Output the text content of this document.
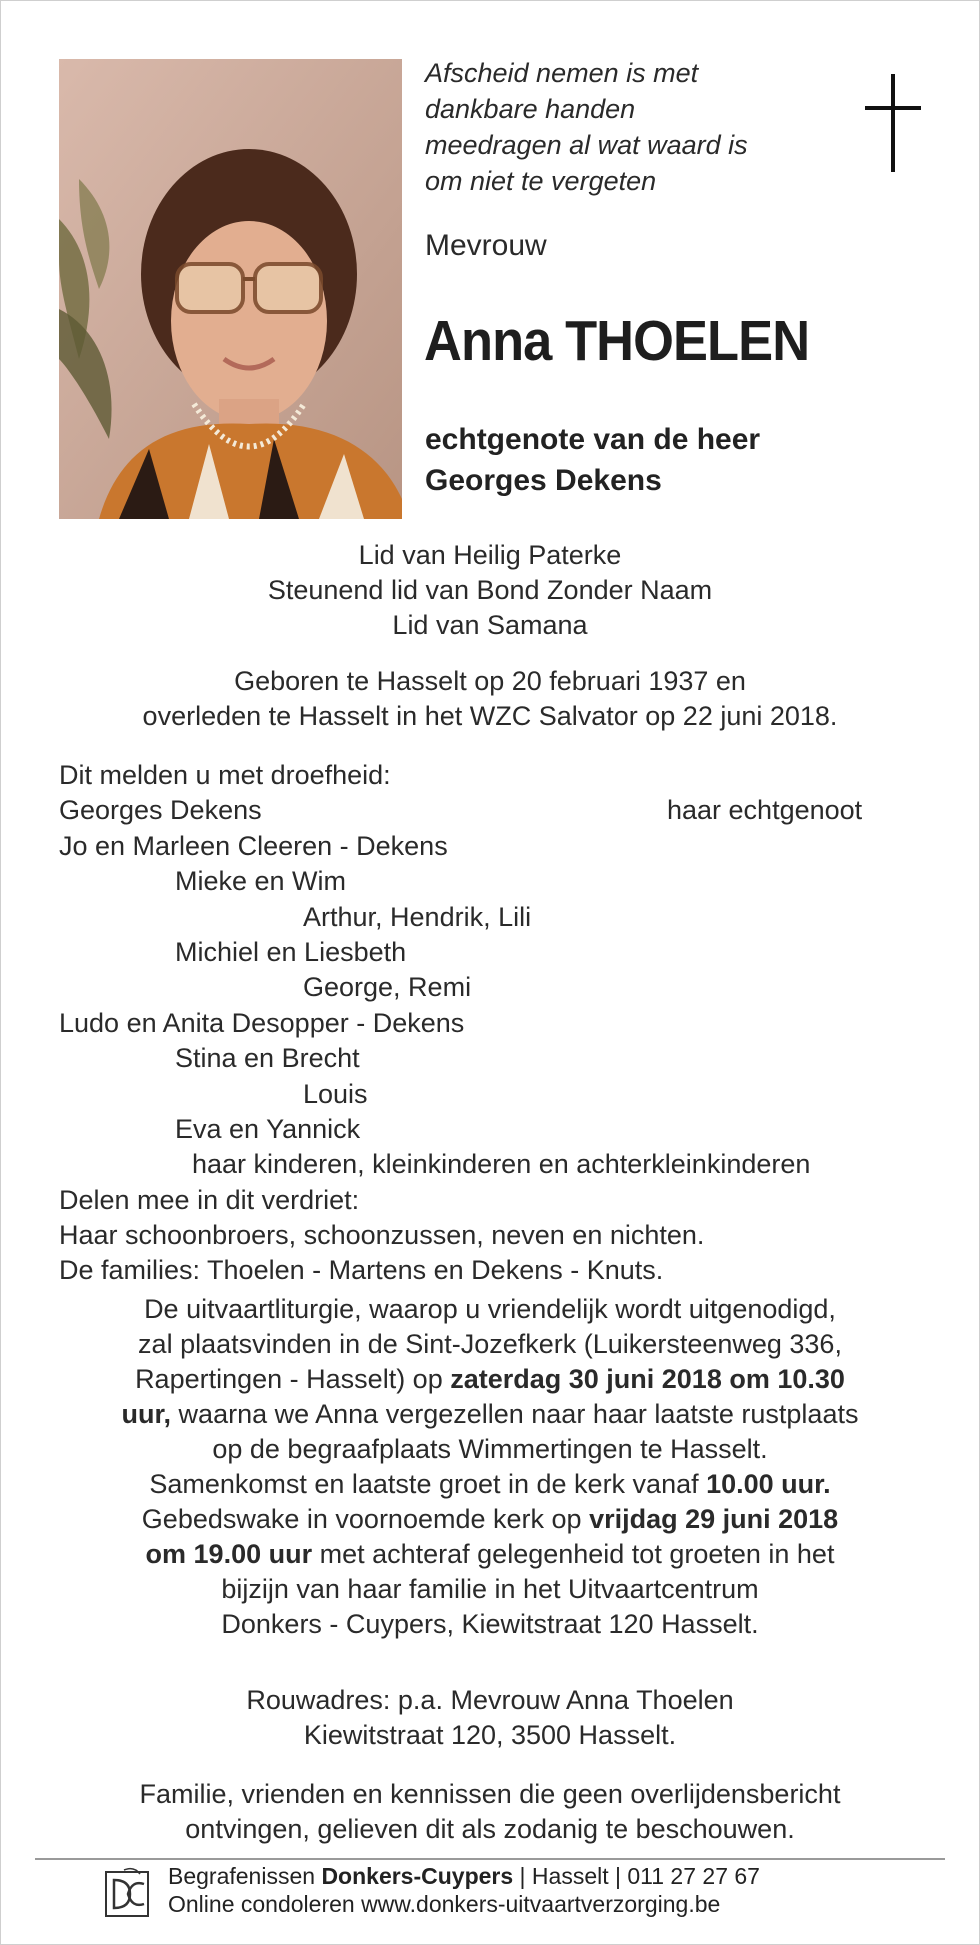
Afscheid nemen is met
dankbare handen
meedragen al wat waard is
om niet te vergeten
Mevrouw
Anna THOELEN
echtgenote van de heer
Georges Dekens
Lid van Heilig Paterke
Steunend lid van Bond Zonder Naam
Lid van Samana
Geboren te Hasselt op 20 februari 1937 en
overleden te Hasselt in het WZC Salvator op 22 juni 2018.
Dit melden u met droefheid:
Georges Dekens	haar echtgenoot
Jo en Marleen Cleeren - Dekens
Mieke en Wim
Arthur, Hendrik, Lili
Michiel en Liesbeth
George, Remi
Ludo en Anita Desopper - Dekens
Stina en Brecht
Louis
Eva en Yannick
haar kinderen, kleinkinderen en achterkleinkinderen
Delen mee in dit verdriet:
Haar schoonbroers, schoonzussen, neven en nichten.
De families: Thoelen - Martens en Dekens - Knuts.
De uitvaartliturgie, waarop u vriendelijk wordt uitgenodigd,
zal plaatsvinden in de Sint-Jozefkerk (Luikersteenweg 336,
Rapertingen - Hasselt) op zaterdag 30 juni 2018 om 10.30
uur, waarna we Anna vergezellen naar haar laatste rustplaats
op de begraafplaats Wimmertingen te Hasselt.
Samenkomst en laatste groet in de kerk vanaf 10.00 uur.
Gebedswake in voornoemde kerk op vrijdag 29 juni 2018
om 19.00 uur met achteraf gelegenheid tot groeten in het
bijzijn van haar familie in het Uitvaartcentrum
Donkers - Cuypers, Kiewitstraat 120 Hasselt.
Rouwadres: p.a. Mevrouw Anna Thoelen
Kiewitstraat 120, 3500 Hasselt.
Familie, vrienden en kennissen die geen overlijdensbericht
ontvingen, gelieven dit als zodanig te beschouwen.
Begrafenissen Donkers-Cuypers | Hasselt | 011 27 27 67
Online condoleren www.donkers-uitvaartverzorging.be
